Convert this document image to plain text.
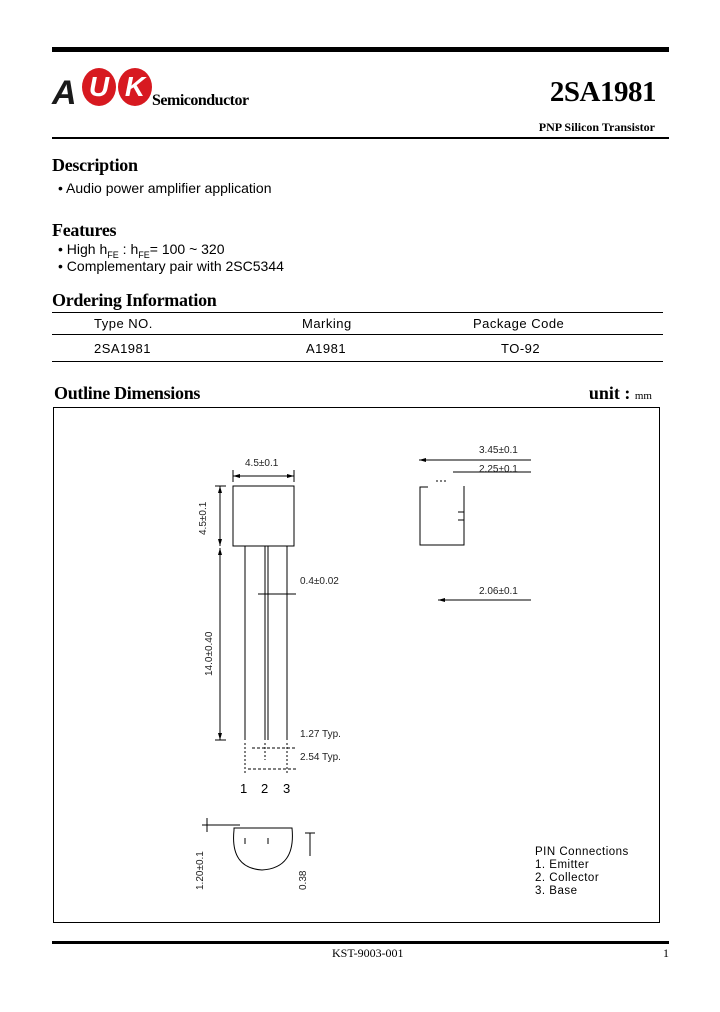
A U K Semiconductor	2SA1981
PNP Silicon Transistor
Description
• Audio power amplifier application
Features
• High $h_{FE}$ : $h_{FE}= 100$ ~ 320
• Complementary pair with 2SC5344
Ordering Information
Type NO.	Marking	Package Code
2SA1981	A1981	TO-92
Outline Dimensions	unit : mm
4.5±0.1
4.5±0.1
14.0±0.40
0.4±0.02
1.27 Typ.
2.54 Typ.
3.45±0.1
2.25±0.1
2.06±0.1
1.20±0.1	0.38
1 2 3
PIN Connections
1. Emitter
2. Collector
3. Base
KST-9003-001	1
